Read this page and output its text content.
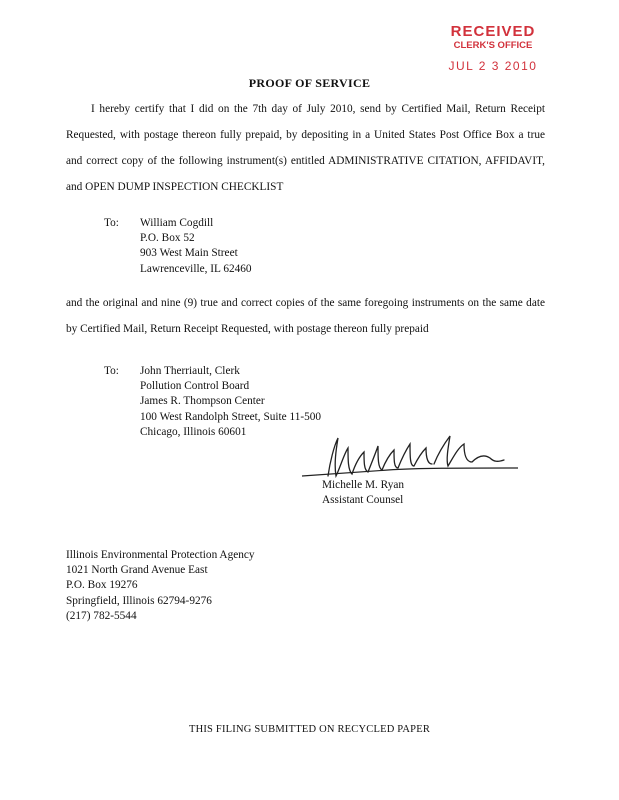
RECEIVED
CLERK'S OFFICE
JUL 2 3 2010
PROOF OF SERVICE
I hereby certify that I did on the 7th day of July 2010, send by Certified Mail, Return Receipt Requested, with postage thereon fully prepaid, by depositing in a United States Post Office Box a true and correct copy of the following instrument(s) entitled ADMINISTRATIVE CITATION, AFFIDAVIT, and OPEN DUMP INSPECTION CHECKLIST
To: William Cogdill
P.O. Box 52
903 West Main Street
Lawrenceville, IL 62460
and the original and nine (9) true and correct copies of the same foregoing instruments on the same date by Certified Mail, Return Receipt Requested, with postage thereon fully prepaid
To: John Therriault, Clerk
Pollution Control Board
James R. Thompson Center
100 West Randolph Street, Suite 11-500
Chicago, Illinois 60601
Michelle M. Ryan
Assistant Counsel
Illinois Environmental Protection Agency
1021 North Grand Avenue East
P.O. Box 19276
Springfield, Illinois 62794-9276
(217) 782-5544
THIS FILING SUBMITTED ON RECYCLED PAPER
